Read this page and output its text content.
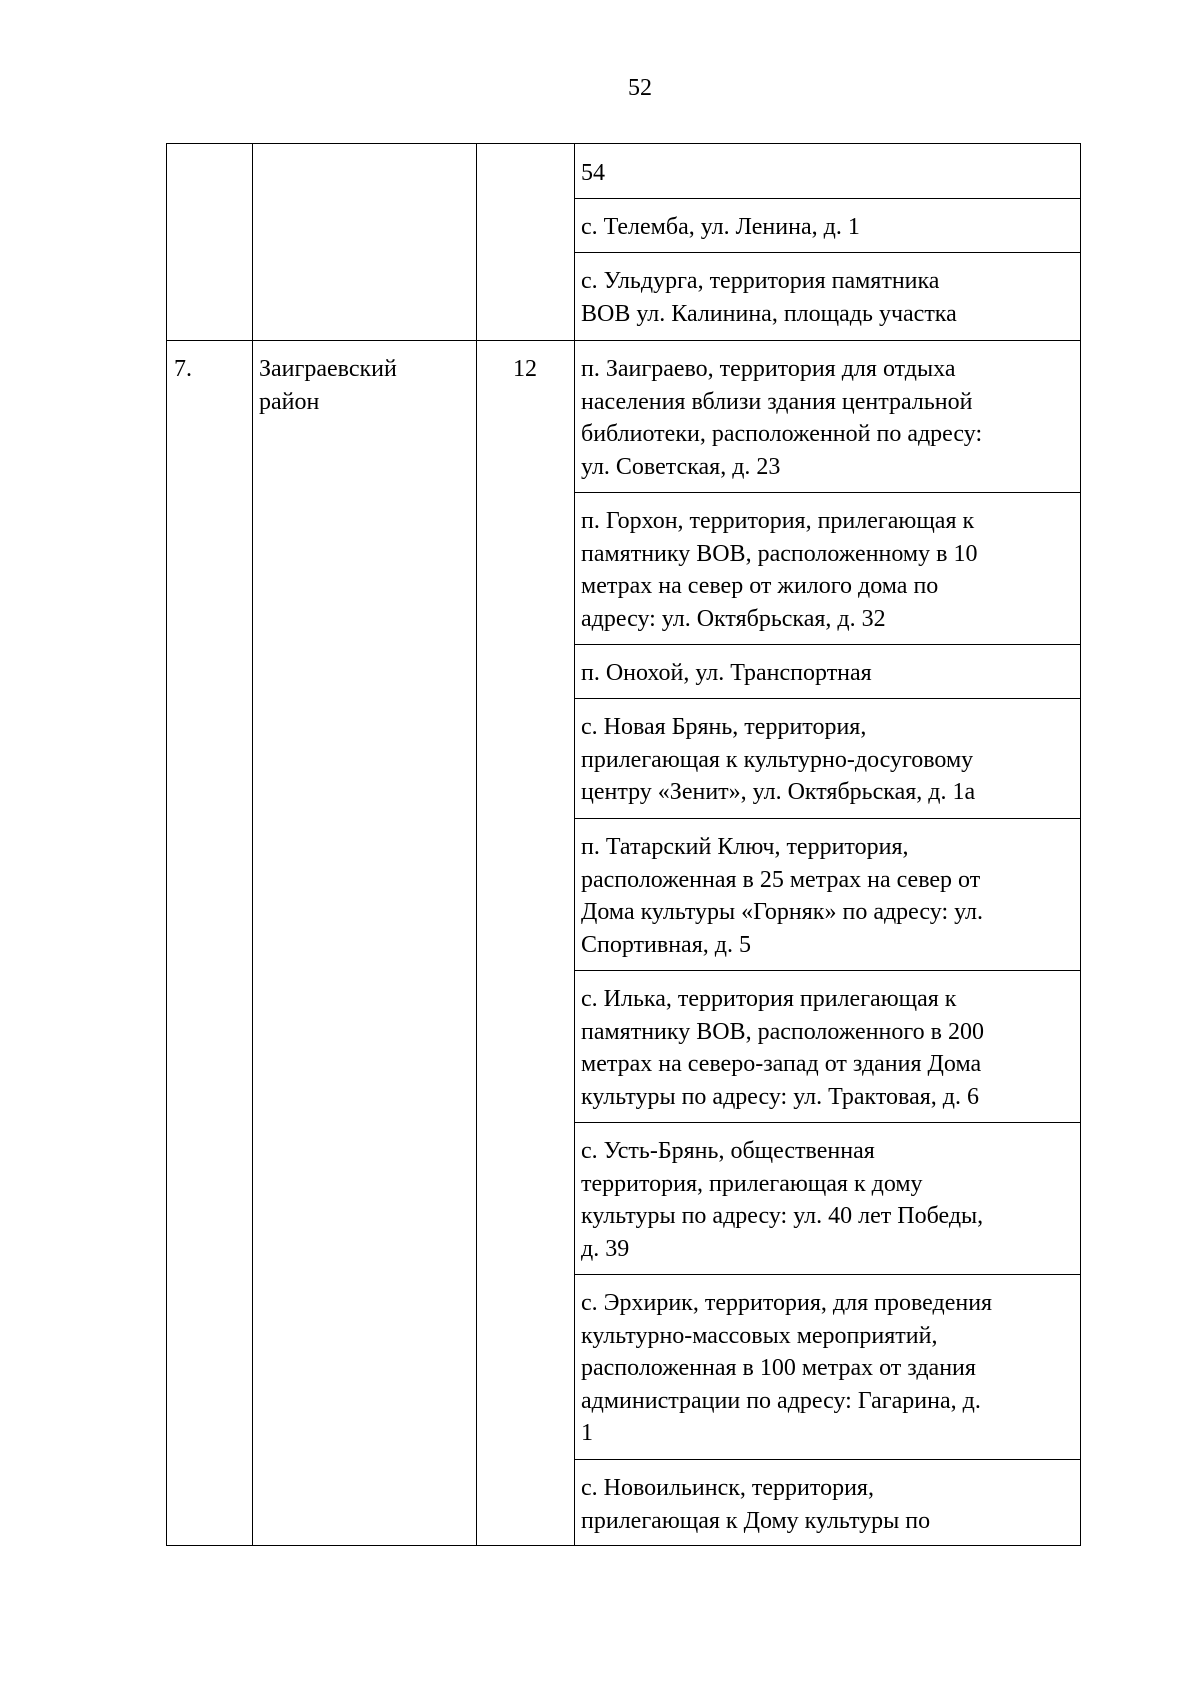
52
54
с. Телемба, ул. Ленина, д. 1
с. Ульдурга, территория памятника
ВОВ ул. Калинина, площадь участка
7.	Заиграевский
район
12	п. Заиграево, территория для отдыха
населения вблизи здания центральной
библиотеки, расположенной по адресу:
ул. Советская, д. 23
п. Горхон, территория, прилегающая к
памятнику ВОВ, расположенному в 10
метрах на север от жилого дома по
адресу: ул. Октябрьская, д. 32
п. Онохой, ул. Транспортная
с. Новая Брянь, территория,
прилегающая к культурно-досуговому
центру «Зенит», ул. Октябрьская, д. 1а
п. Татарский Ключ, территория,
расположенная в 25 метрах на север от
Дома культуры «Горняк» по адресу: ул.
Спортивная, д. 5
с. Илька, территория прилегающая к
памятнику ВОВ, расположенного в 200
метрах на северо-запад от здания Дома
культуры по адресу: ул. Трактовая, д. 6
с. Усть-Брянь, общественная
территория, прилегающая к дому
культуры по адресу: ул. 40 лет Победы,
д. 39
с. Эрхирик, территория, для проведения
культурно-массовых мероприятий,
расположенная в 100 метрах от здания
администрации по адресу: Гагарина, д.
1
с. Новоильинск, территория,
прилегающая к Дому культуры по
